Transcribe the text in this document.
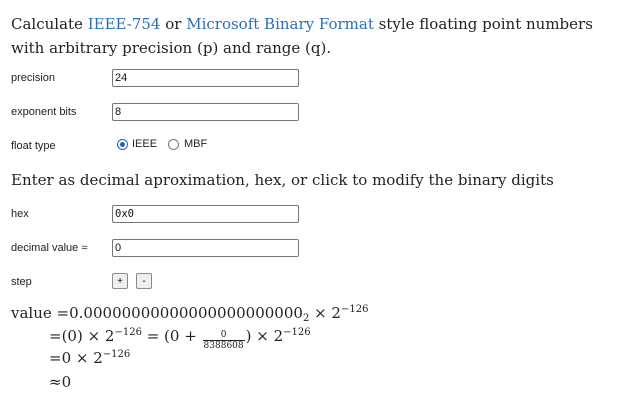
Calculate IEEE-754 or Microsoft Binary Format style floating point numbers with arbitrary precision (p) and range (q).
precision	24
exponent bits	8
float type	IEEE MBF
Enter as decimal aproximation, hex, or click to modify the binary digits
hex	0x0
decimal value ≈	0
step	+	-
value $=0.00000000000000000000000_2 \times 2^{-126}$
$=(0) \times 2^{-126} = (0 + \frac{0}{8388608}$ ) × $2^{-126}$
$=0 \times 2^{-126}$
≈0
